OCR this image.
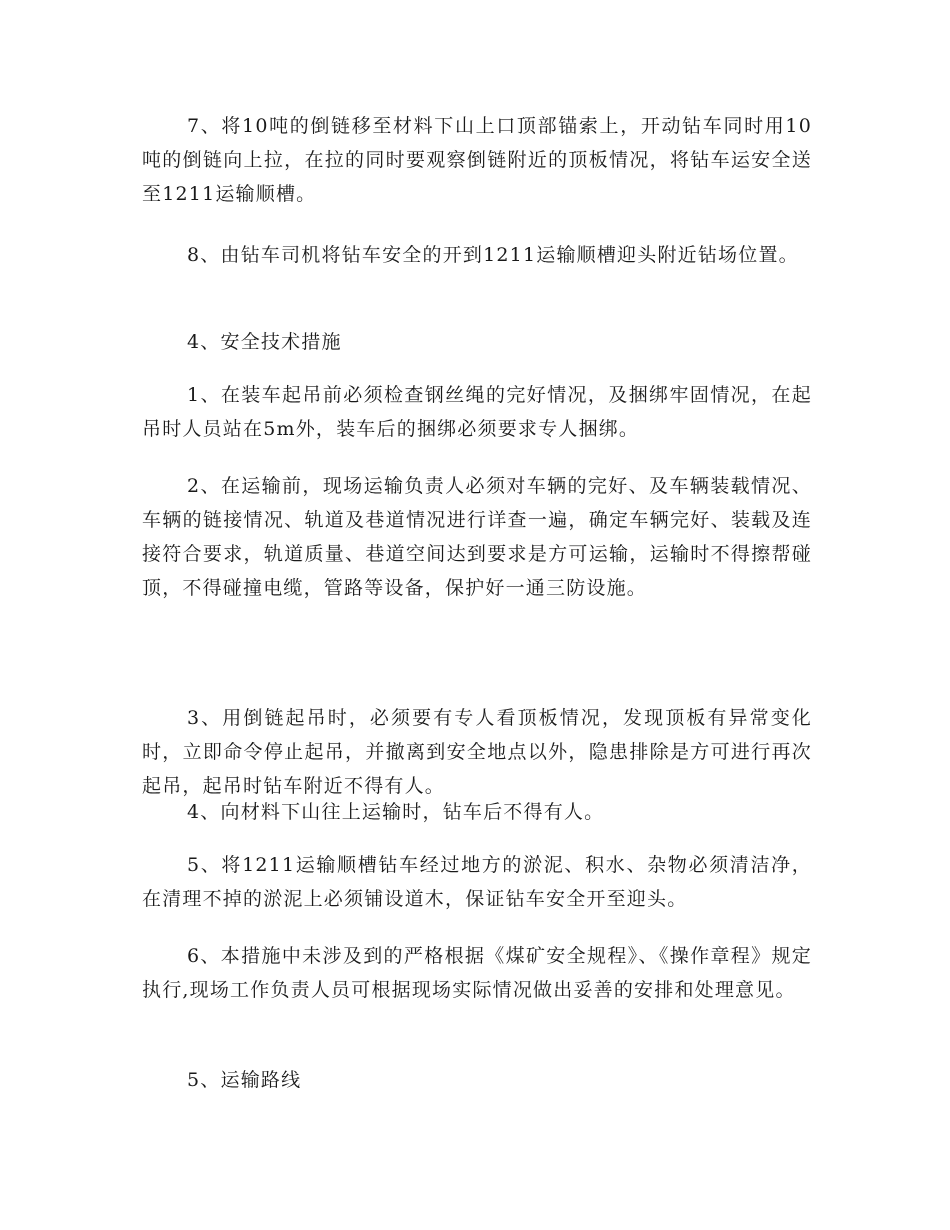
7、将10吨的倒链移至材料下山上口顶部锚索上，开动钻车同时用10吨的倒链向上拉，在拉的同时要观察倒链附近的顶板情况，将钻车运安全送至1211运输顺槽。

8、由钻车司机将钻车安全的开到1211运输顺槽迎头附近钻场位置。

4、安全技术措施

1、在装车起吊前必须检查钢丝绳的完好情况，及捆绑牢固情况，在起吊时人员站在5m外，装车后的捆绑必须要求专人捆绑。

2、在运输前，现场运输负责人必须对车辆的完好、及车辆装载情况、车辆的链接情况、轨道及巷道情况进行详查一遍，确定车辆完好、装载及连接符合要求，轨道质量、巷道空间达到要求是方可运输，运输时不得擦帮碰顶，不得碰撞电缆，管路等设备，保护好一通三防设施。

3、用倒链起吊时，必须要有专人看顶板情况，发现顶板有异常变化时，立即命令停止起吊，并撤离到安全地点以外，隐患排除是方可进行再次起吊，起吊时钻车附近不得有人。

4、向材料下山往上运输时，钻车后不得有人。

5、将1211运输顺槽钻车经过地方的淤泥、积水、杂物必须清洁净，在清理不掉的淤泥上必须铺设道木，保证钻车安全开至迎头。

6、本措施中未涉及到的严格根据《煤矿安全规程》、《操作章程》规定执行,现场工作负责人员可根据现场实际情况做出妥善的安排和处理意见。

5、运输路线
